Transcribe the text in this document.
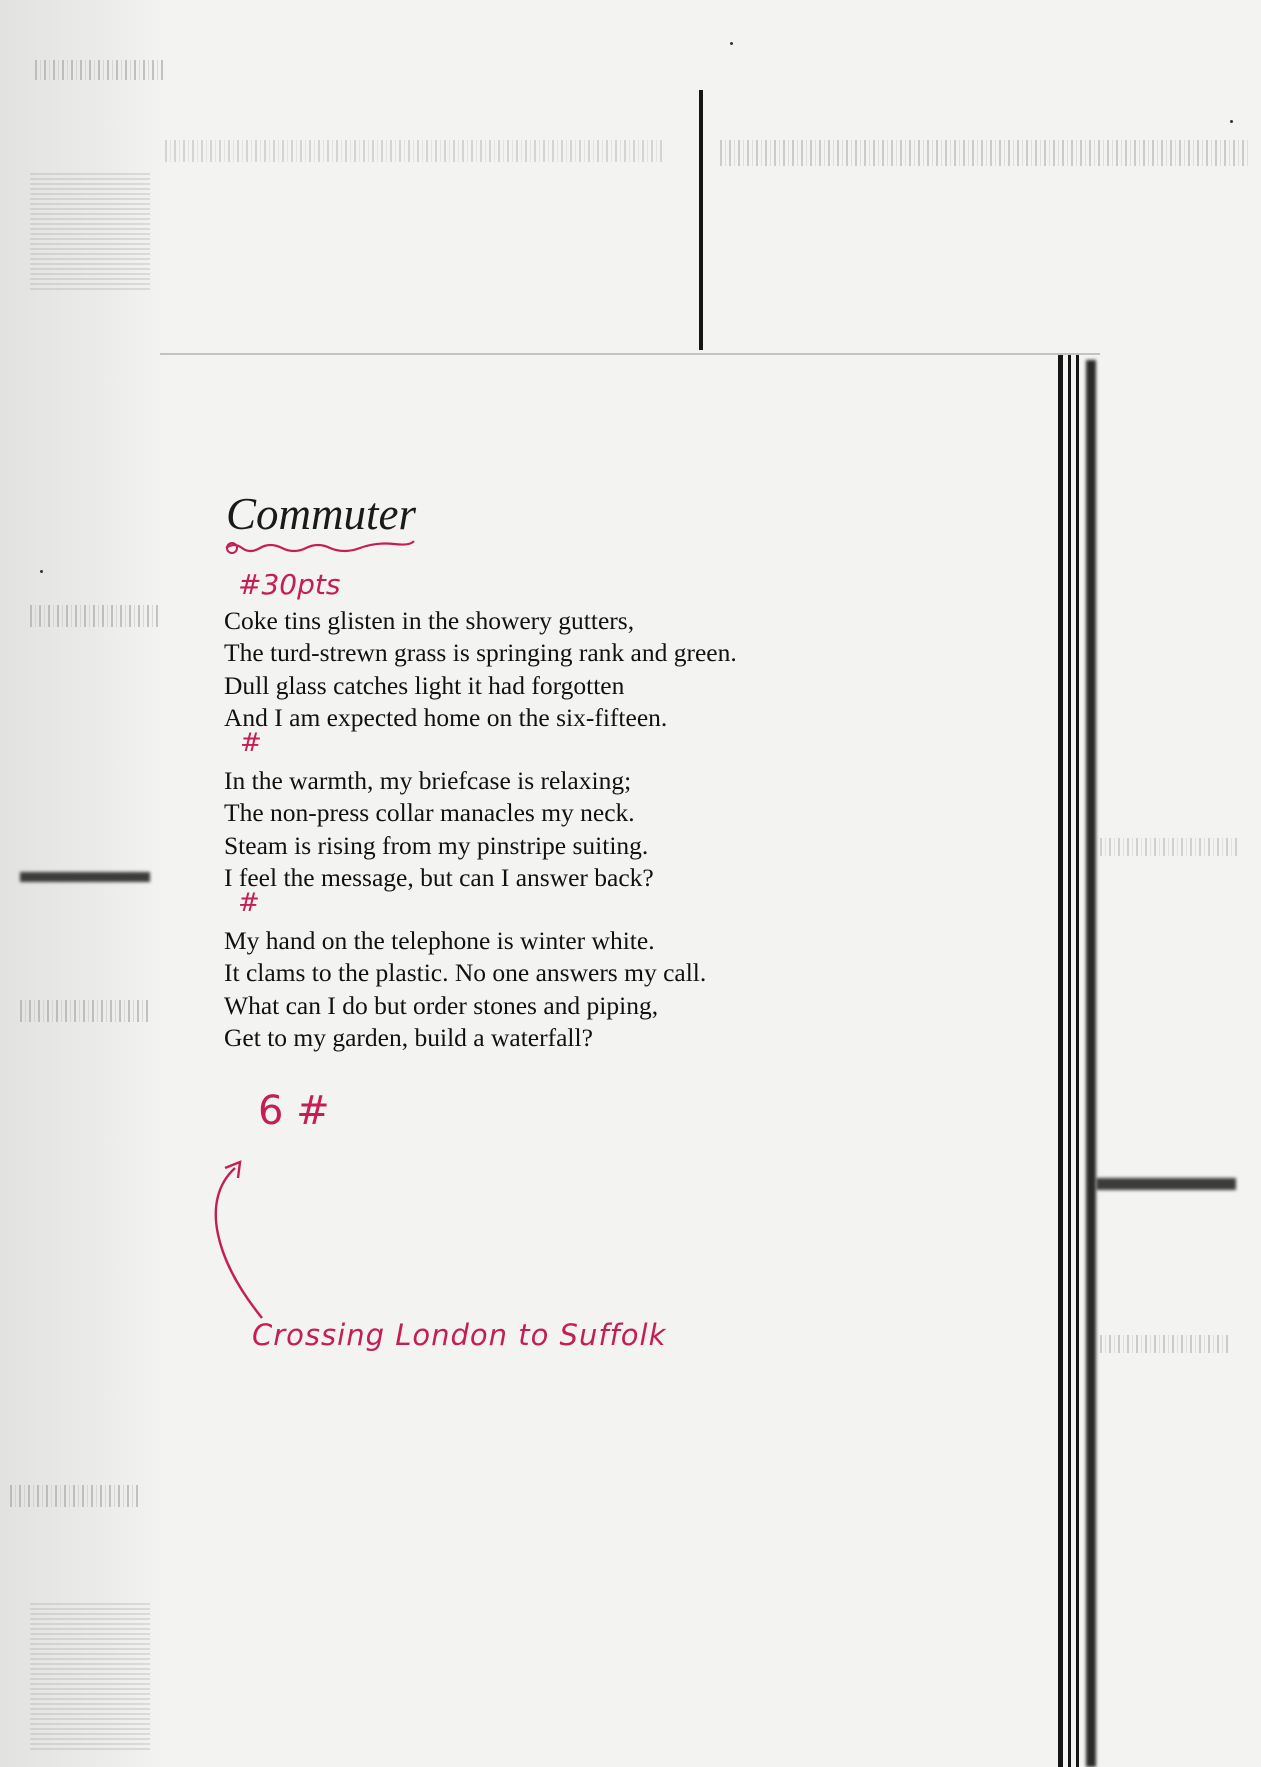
Commuter
Coke tins glisten in the showery gutters,
The turd-strewn grass is springing rank and green.
Dull glass catches light it had forgotten
And I am expected home on the six-fifteen.
In the warmth, my briefcase is relaxing;
The non-press collar manacles my neck.
Steam is rising from my pinstripe suiting.
I feel the message, but can I answer back?
My hand on the telephone is winter white.
It clams to the plastic. No one answers my call.
What can I do but order stones and piping,
Get to my garden, build a waterfall?
#30pts
#
#
6 #
Crossing London to Suffolk
